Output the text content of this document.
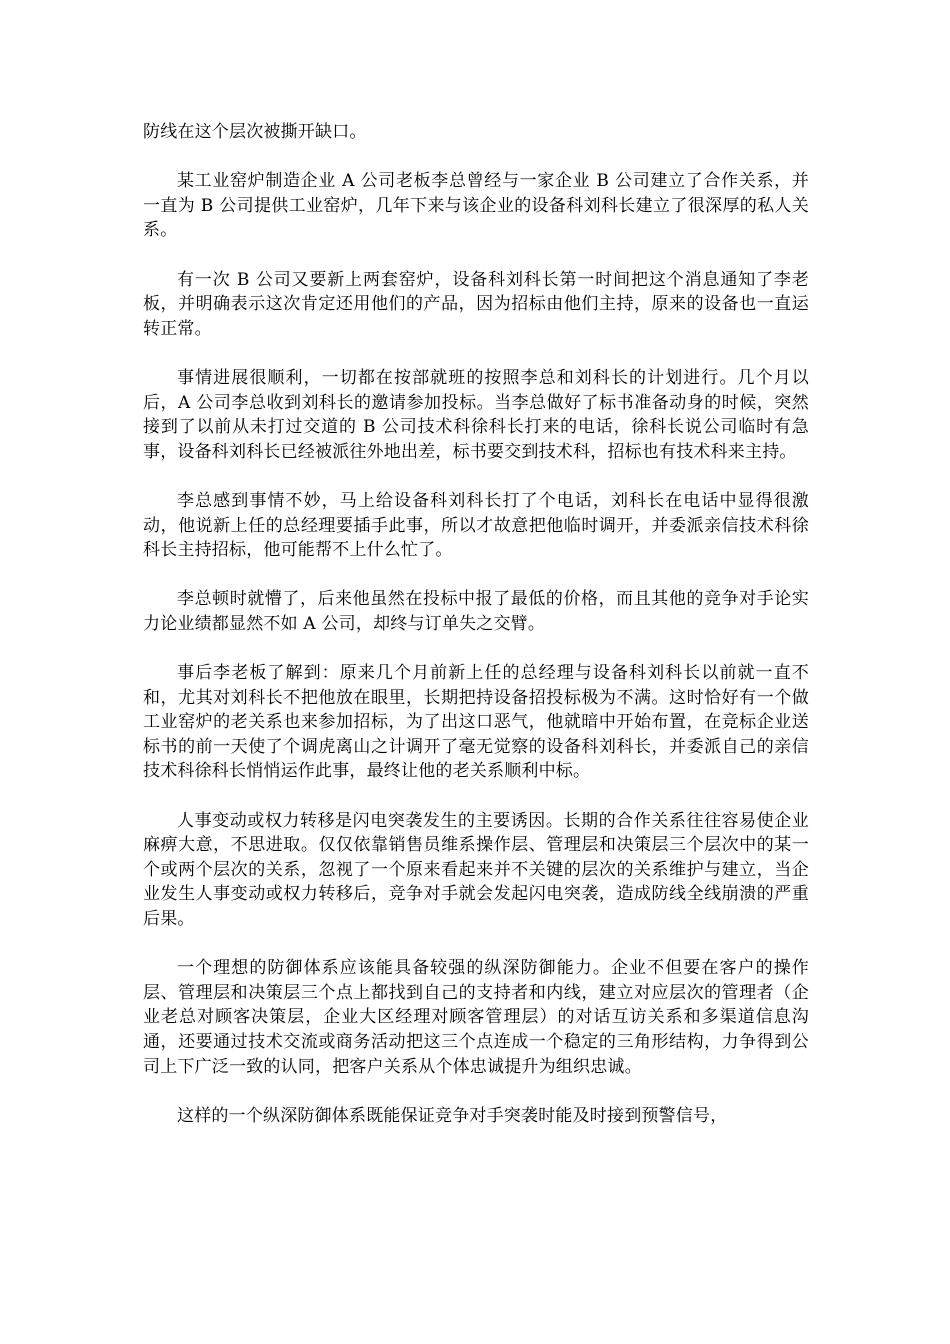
防线在这个层次被撕开缺口。

某工业窑炉制造企业 A 公司老板李总曾经与一家企业 B 公司建立了合作关系，并一直为 B 公司提供工业窑炉，几年下来与该企业的设备科刘科长建立了很深厚的私人关系。

有一次 B 公司又要新上两套窑炉，设备科刘科长第一时间把这个消息通知了李老板，并明确表示这次肯定还用他们的产品，因为招标由他们主持，原来的设备也一直运转正常。

事情进展很顺利，一切都在按部就班的按照李总和刘科长的计划进行。几个月以后，A 公司李总收到刘科长的邀请参加投标。当李总做好了标书准备动身的时候，突然接到了以前从未打过交道的 B 公司技术科徐科长打来的电话，徐科长说公司临时有急事，设备科刘科长已经被派往外地出差，标书要交到技术科，招标也有技术科来主持。

李总感到事情不妙，马上给设备科刘科长打了个电话，刘科长在电话中显得很激动，他说新上任的总经理要插手此事，所以才故意把他临时调开，并委派亲信技术科徐科长主持招标，他可能帮不上什么忙了。

李总顿时就懵了，后来他虽然在投标中报了最低的价格，而且其他的竞争对手论实力论业绩都显然不如 A 公司，却终与订单失之交臂。

事后李老板了解到：原来几个月前新上任的总经理与设备科刘科长以前就一直不和，尤其对刘科长不把他放在眼里，长期把持设备招投标极为不满。这时恰好有一个做工业窑炉的老关系也来参加招标，为了出这口恶气，他就暗中开始布置，在竞标企业送标书的前一天使了个调虎离山之计调开了毫无觉察的设备科刘科长，并委派自己的亲信技术科徐科长悄悄运作此事，最终让他的老关系顺利中标。

人事变动或权力转移是闪电突袭发生的主要诱因。长期的合作关系往往容易使企业麻痹大意，不思进取。仅仅依靠销售员维系操作层、管理层和决策层三个层次中的某一个或两个层次的关系，忽视了一个原来看起来并不关键的层次的关系维护与建立，当企业发生人事变动或权力转移后，竞争对手就会发起闪电突袭，造成防线全线崩溃的严重后果。

一个理想的防御体系应该能具备较强的纵深防御能力。企业不但要在客户的操作层、管理层和决策层三个点上都找到自己的支持者和内线，建立对应层次的管理者（企业老总对顾客决策层，企业大区经理对顾客管理层）的对话互访关系和多渠道信息沟通，还要通过技术交流或商务活动把这三个点连成一个稳定的三角形结构，力争得到公司上下广泛一致的认同，把客户关系从个体忠诚提升为组织忠诚。

这样的一个纵深防御体系既能保证竞争对手突袭时能及时接到预警信号，
